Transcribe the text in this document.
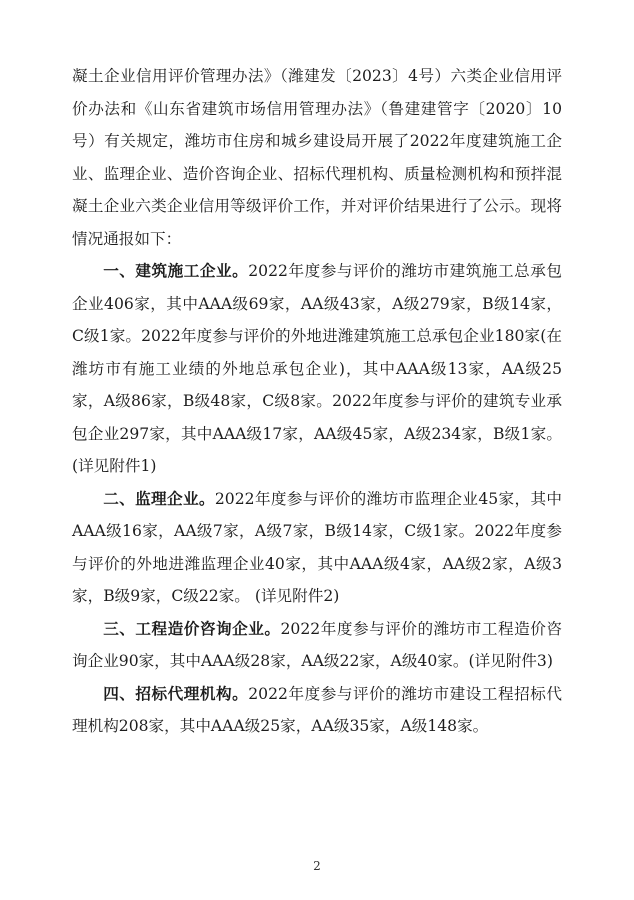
凝土企业信用评价管理办法》（潍建发〔2023〕4号）六类企业信用评价办法和《山东省建筑市场信用管理办法》（鲁建建管字〔2020〕10号）有关规定，潍坊市住房和城乡建设局开展了2022年度建筑施工企业、监理企业、造价咨询企业、招标代理机构、质量检测机构和预拌混凝土企业六类企业信用等级评价工作，并对评价结果进行了公示。现将情况通报如下：

一、建筑施工企业。2022年度参与评价的潍坊市建筑施工总承包企业406家，其中AAA级69家，AA级43家，A级279家，B级14家， C级1家。2022年度参与评价的外地进潍建筑施工总承包企业180家(在潍坊市有施工业绩的外地总承包企业)，其中AAA级13家，AA级25家，A级86家，B级48家，C级8家。2022年度参与评价的建筑专业承包企业297家，其中AAA级17家，AA级45家，A级234家，B级1家。(详见附件1)

二、监理企业。2022年度参与评价的潍坊市监理企业45家，其中AAA级16家，AA级7家，A级7家，B级14家，C级1家。2022年度参与评价的外地进潍监理企业40家，其中AAA级4家，AA级2家，A级3家，B级9家，C级22家。 (详见附件2)

三、工程造价咨询企业。2022年度参与评价的潍坊市工程造价咨询企业90家，其中AAA级28家，AA级22家，A级40家。(详见附件3)

四、招标代理机构。2022年度参与评价的潍坊市建设工程招标代理机构208家，其中AAA级25家，AA级35家，A级148家。

2
